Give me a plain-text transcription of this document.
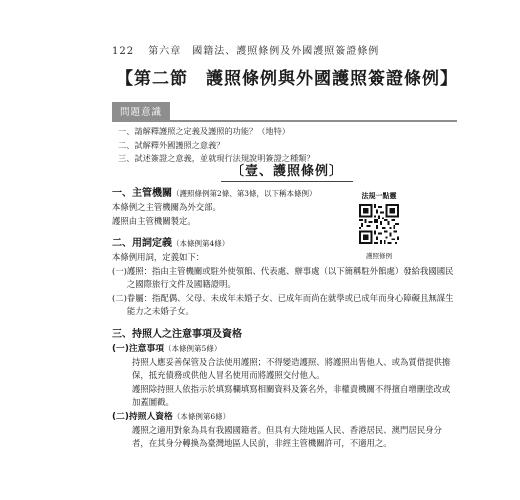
122 第六章　國籍法、護照條例及外國護照簽證條例
【第二節　護照條例與外國護照簽證條例】
問題意識
一、請解釋護照之定義及護照的功能？（地特）
二、試解釋外國護照之意義？
三、試述簽證之意義，並就現行法規說明簽證之種類？
〔壹、護照條例〕
法規一點靈
護照條例
一、主管機關（護照條例第2條、第3條，以下稱本條例）

本條例之主管機關為外交部。

護照由主管機關製定。

二、用詞定義（本條例第4條）

本條例用詞，定義如下：

(一) 護照：指由主管機關或駐外使領館、代表處、辦事處（以下簡稱駐外館處）發給我國國民之國際旅行文件及國籍證明。
(二) 眷屬：指配偶、父母、未成年未婚子女、已成年而尚在就學或已成年而身心障礙且無謀生能力之未婚子女。
三、持照人之注意事項及資格
(一)注意事項（本條例第5條）

持照人應妥善保管及合法使用護照；不得變造護照、將護照出售他人、或為質借提供擔保，抵充債務或供他人冒名使用而將護照交付他人。

護照除持照人依指示於填寫欄填寫相關資料及簽名外，非權責機關不得擅自增刪塗改或加蓋圖戳。

(二)持照人資格（本條例第6條）

護照之適用對象為具有我國國籍者。但具有大陸地區人民、香港居民、澳門居民身分者，在其身分轉換為臺灣地區人民前，非經主管機關許可，不適用之。
